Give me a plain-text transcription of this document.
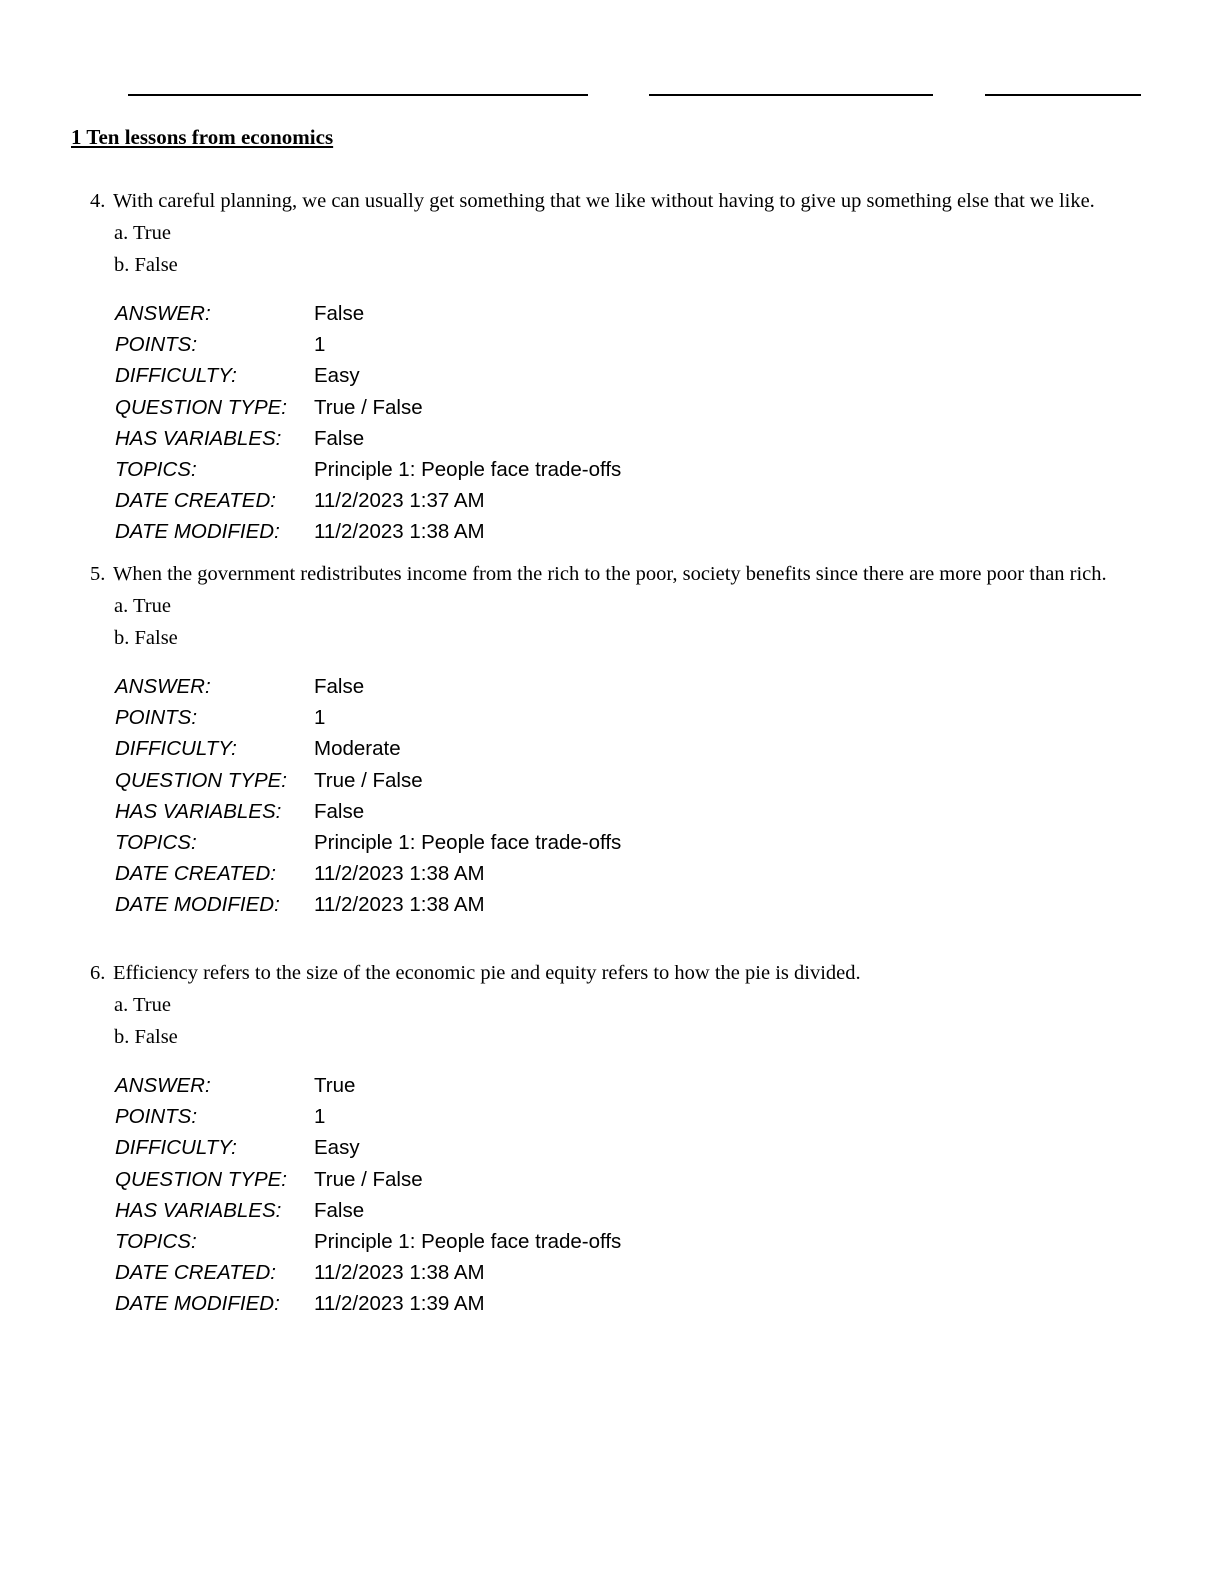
1 Ten lessons from economics
4. With careful planning, we can usually get something that we like without having to give up something else that we like.
a. True
b. False
ANSWER:	False
POINTS:	1
DIFFICULTY:	Easy
QUESTION TYPE:	True / False
HAS VARIABLES:	False
TOPICS:	Principle 1: People face trade-offs
DATE CREATED:	11/2/2023 1:37 AM
DATE MODIFIED:	11/2/2023 1:38 AM
5. When the government redistributes income from the rich to the poor, society benefits since there are more poor than rich.
a. True
b. False
ANSWER:	False
POINTS:	1
DIFFICULTY:	Moderate
QUESTION TYPE:	True / False
HAS VARIABLES:	False
TOPICS:	Principle 1: People face trade-offs
DATE CREATED:	11/2/2023 1:38 AM
DATE MODIFIED:	11/2/2023 1:38 AM
6. Efficiency refers to the size of the economic pie and equity refers to how the pie is divided.
a. True
b. False
ANSWER:	True
POINTS:	1
DIFFICULTY:	Easy
QUESTION TYPE:	True / False
HAS VARIABLES:	False
TOPICS:	Principle 1: People face trade-offs
DATE CREATED:	11/2/2023 1:38 AM
DATE MODIFIED:	11/2/2023 1:39 AM
